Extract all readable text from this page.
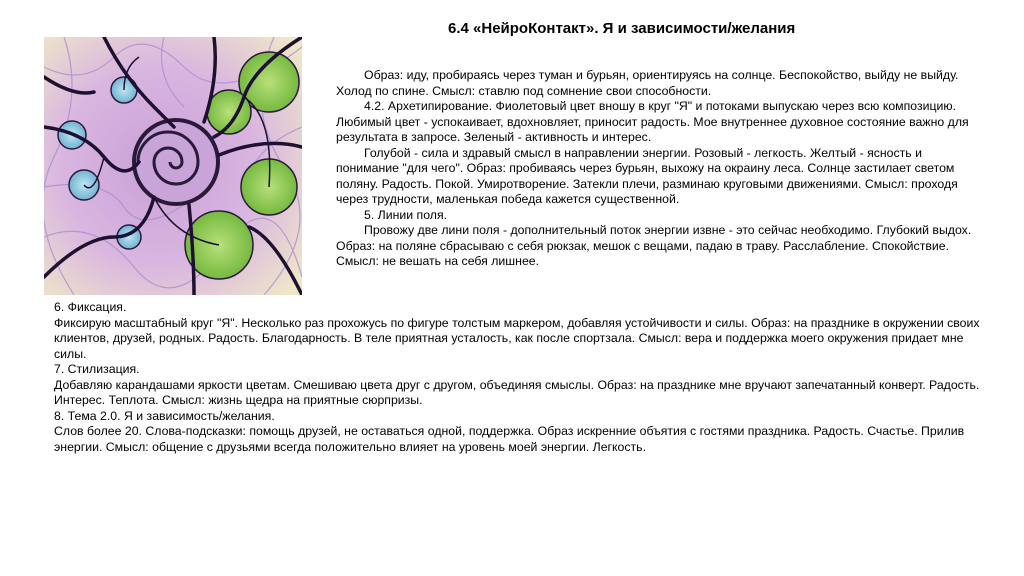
6.4 «НейроКонтакт». Я и зависимости/желания

Образ: иду, пробираясь через туман и бурьян, ориентируясь на солнце. Беспокойство, выйду не выйду. Холод по спине. Смысл: ставлю под сомнение свои способности.

4.2. Архетипирование. Фиолетовый цвет вношу в круг "Я" и потоками выпускаю через всю композицию. Любимый цвет - успокаивает, вдохновляет, приносит радость. Мое внутреннее духовное состояние важно для результата в запросе. Зеленый - активность и интерес.

Голубой - сила и здравый смысл в направлении энергии. Розовый - легкость. Желтый - ясность и понимание "для чего". Образ: пробиваясь через бурьян, выхожу на окраину леса. Солнце застилает светом поляну. Радость. Покой. Умиротворение. Затекли плечи, разминаю круговыми движениями. Смысл: проходя через трудности, маленькая победа кажется существенной.

5. Линии поля.

Провожу две лини поля - дополнительный поток энергии извне - это сейчас необходимо. Глубокий выдох. Образ: на поляне сбрасываю с себя рюкзак, мешок с вещами, падаю в траву. Расслабление. Спокойствие. Смысл: не вешать на себя лишнее.

6. Фиксация.

Фиксирую масштабный круг "Я". Несколько раз прохожусь по фигуре толстым маркером, добавляя устойчивости и силы. Образ: на празднике в окружении своих клиентов, друзей, родных. Радость. Благодарность. В теле приятная усталость, как после спортзала. Смысл: вера и поддержка моего окружения придает мне силы.

7. Стилизация.

Добавляю карандашами яркости цветам. Смешиваю цвета друг с другом, объединяя смыслы. Образ: на празднике мне вручают запечатанный конверт. Радость. Интерес. Теплота. Смысл: жизнь щедра на приятные сюрпризы.

8. Тема 2.0. Я и зависимость/желания.

Слов более 20. Слова-подсказки: помощь друзей, не оставаться одной, поддержка. Образ искренние объятия с гостями праздника. Радость. Счастье. Прилив энергии. Смысл: общение с друзьями всегда положительно влияет на уровень моей энергии. Легкость.
